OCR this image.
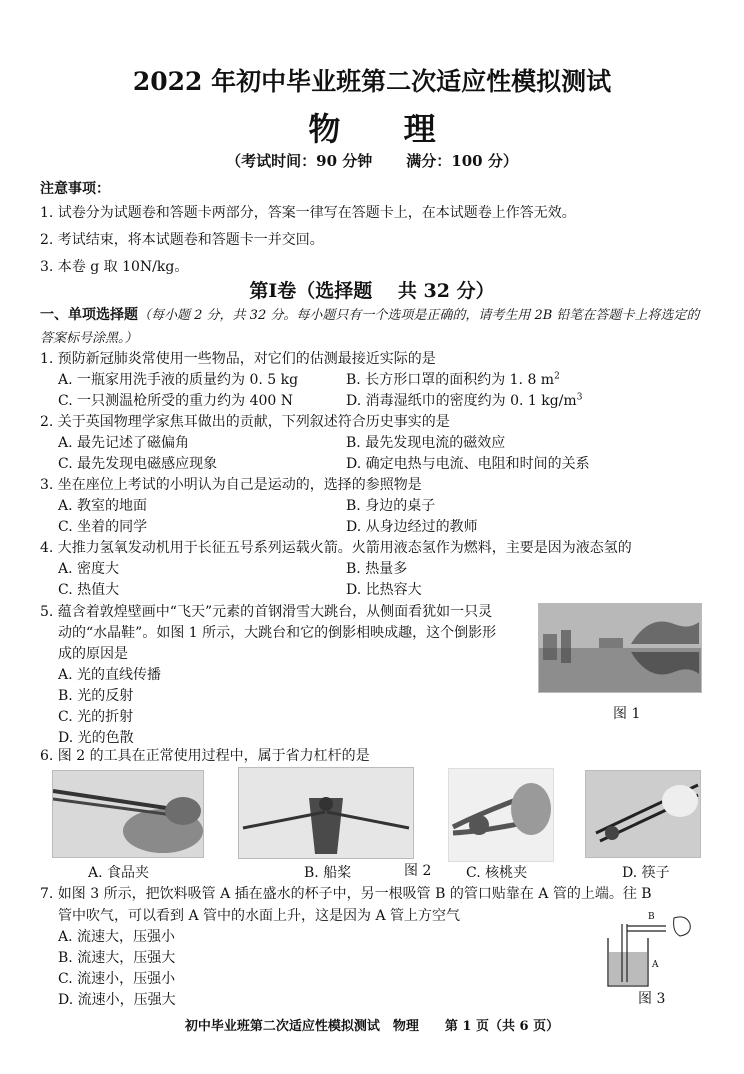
2022 年初中毕业班第二次适应性模拟测试
物 理
（考试时间：90 分钟 满分：100 分）
注意事项：
1. 试卷分为试题卷和答题卡两部分，答案一律写在答题卡上，在本试题卷上作答无效。
2. 考试结束，将本试题卷和答题卡一并交回。
3. 本卷 g 取 10N/kg。
第Ⅰ卷（选择题　 共 32 分）
一、单项选择题（每小题 2 分，共 32 分。每小题只有一个选项是正确的，请考生用 2B 铅笔在答题卡上将选定的答案标号涂黑。）
1. 预防新冠肺炎常使用一些物品，对它们的估测最接近实际的是
A. 一瓶家用洗手液的质量约为 0. 5 kg	B. 长方形口罩的面积约为 1. 8 $m^2$
C. 一只测温枪所受的重力约为 400 N	D. 消毒湿纸巾的密度约为 0. 1 $kg/m^3$
2. 关于英国物理学家焦耳做出的贡献，下列叙述符合历史事实的是
A. 最先记述了磁偏角	B. 最先发现电流的磁效应
C. 最先发现电磁感应现象	D. 确定电热与电流、电阻和时间的关系
3. 坐在座位上考试的小明认为自己是运动的，选择的参照物是
A. 教室的地面	B. 身边的桌子
C. 坐着的同学	D. 从身边经过的教师
4. 大推力氢氧发动机用于长征五号系列运载火箭。火箭用液态氢作为燃料，主要是因为液态氢的
A. 密度大	B. 热量多
C. 热值大	D. 比热容大
5. 蕴含着敦煌壁画中“飞天”元素的首钢滑雪大跳台，从侧面看犹如一只灵
动的“水晶鞋”。如图 1 所示，大跳台和它的倒影相映成趣，这个倒影形
成的原因是
A. 光的直线传播
B. 光的反射
C. 光的折射
D. 光的色散
图 1
6. 图 2 的工具在正常使用过程中，属于省力杠杆的是
A. 食品夹	B. 船桨	图 2 C. 核桃夹	D. 筷子
7. 如图 3 所示，把饮料吸管 A 插在盛水的杯子中，另一根吸管 B 的管口贴靠在 A 管的上端。往 B
管中吹气，可以看到 A 管中的水面上升，这是因为 A 管上方空气
A. 流速大，压强小
B. 流速大，压强大
C. 流速小，压强小
D. 流速小，压强大
B
A
图 3
初中毕业班第二次适应性模拟测试　物理　　第 1 页（共 6 页）
